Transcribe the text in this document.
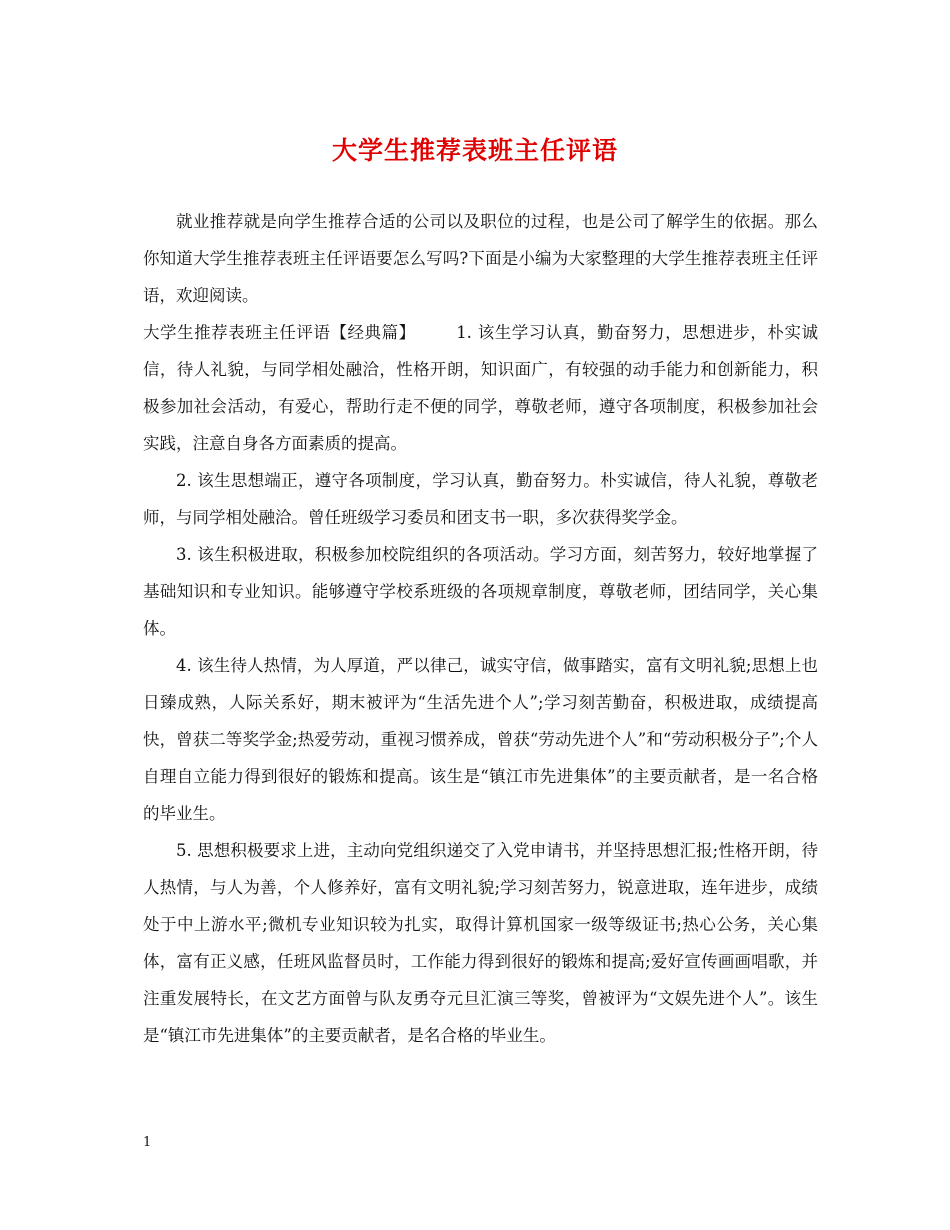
大学生推荐表班主任评语

就业推荐就是向学生推荐合适的公司以及职位的过程，也是公司了解学生的依据。那么你知道大学生推荐表班主任评语要怎么写吗?下面是小编为大家整理的大学生推荐表班主任评语，欢迎阅读。

大学生推荐表班主任评语【经典篇】 1. 该生学习认真，勤奋努力，思想进步，朴实诚信，待人礼貌，与同学相处融洽，性格开朗，知识面广，有较强的动手能力和创新能力，积极参加社会活动，有爱心，帮助行走不便的同学，尊敬老师，遵守各项制度，积极参加社会实践，注意自身各方面素质的提高。

2. 该生思想端正，遵守各项制度，学习认真，勤奋努力。朴实诚信，待人礼貌，尊敬老师，与同学相处融洽。曾任班级学习委员和团支书一职，多次获得奖学金。

3. 该生积极进取，积极参加校院组织的各项活动。学习方面，刻苦努力，较好地掌握了基础知识和专业知识。能够遵守学校系班级的各项规章制度，尊敬老师，团结同学，关心集体。

4. 该生待人热情，为人厚道，严以律己，诚实守信，做事踏实，富有文明礼貌;思想上也日臻成熟，人际关系好，期末被评为“生活先进个人”;学习刻苦勤奋，积极进取，成绩提高快，曾获二等奖学金;热爱劳动，重视习惯养成，曾获“劳动先进个人”和“劳动积极分子”;个人自理自立能力得到很好的锻炼和提高。该生是“镇江市先进集体”的主要贡献者，是一名合格的毕业生。

5. 思想积极要求上进，主动向党组织递交了入党申请书，并坚持思想汇报;性格开朗，待人热情，与人为善，个人修养好，富有文明礼貌;学习刻苦努力，锐意进取，连年进步，成绩处于中上游水平;微机专业知识较为扎实，取得计算机国家一级等级证书;热心公务，关心集体，富有正义感，任班风监督员时，工作能力得到很好的锻炼和提高;爱好宣传画画唱歌，并注重发展特长，在文艺方面曾与队友勇夺元旦汇演三等奖，曾被评为“文娱先进个人”。该生是“镇江市先进集体”的主要贡献者，是名合格的毕业生。

1
